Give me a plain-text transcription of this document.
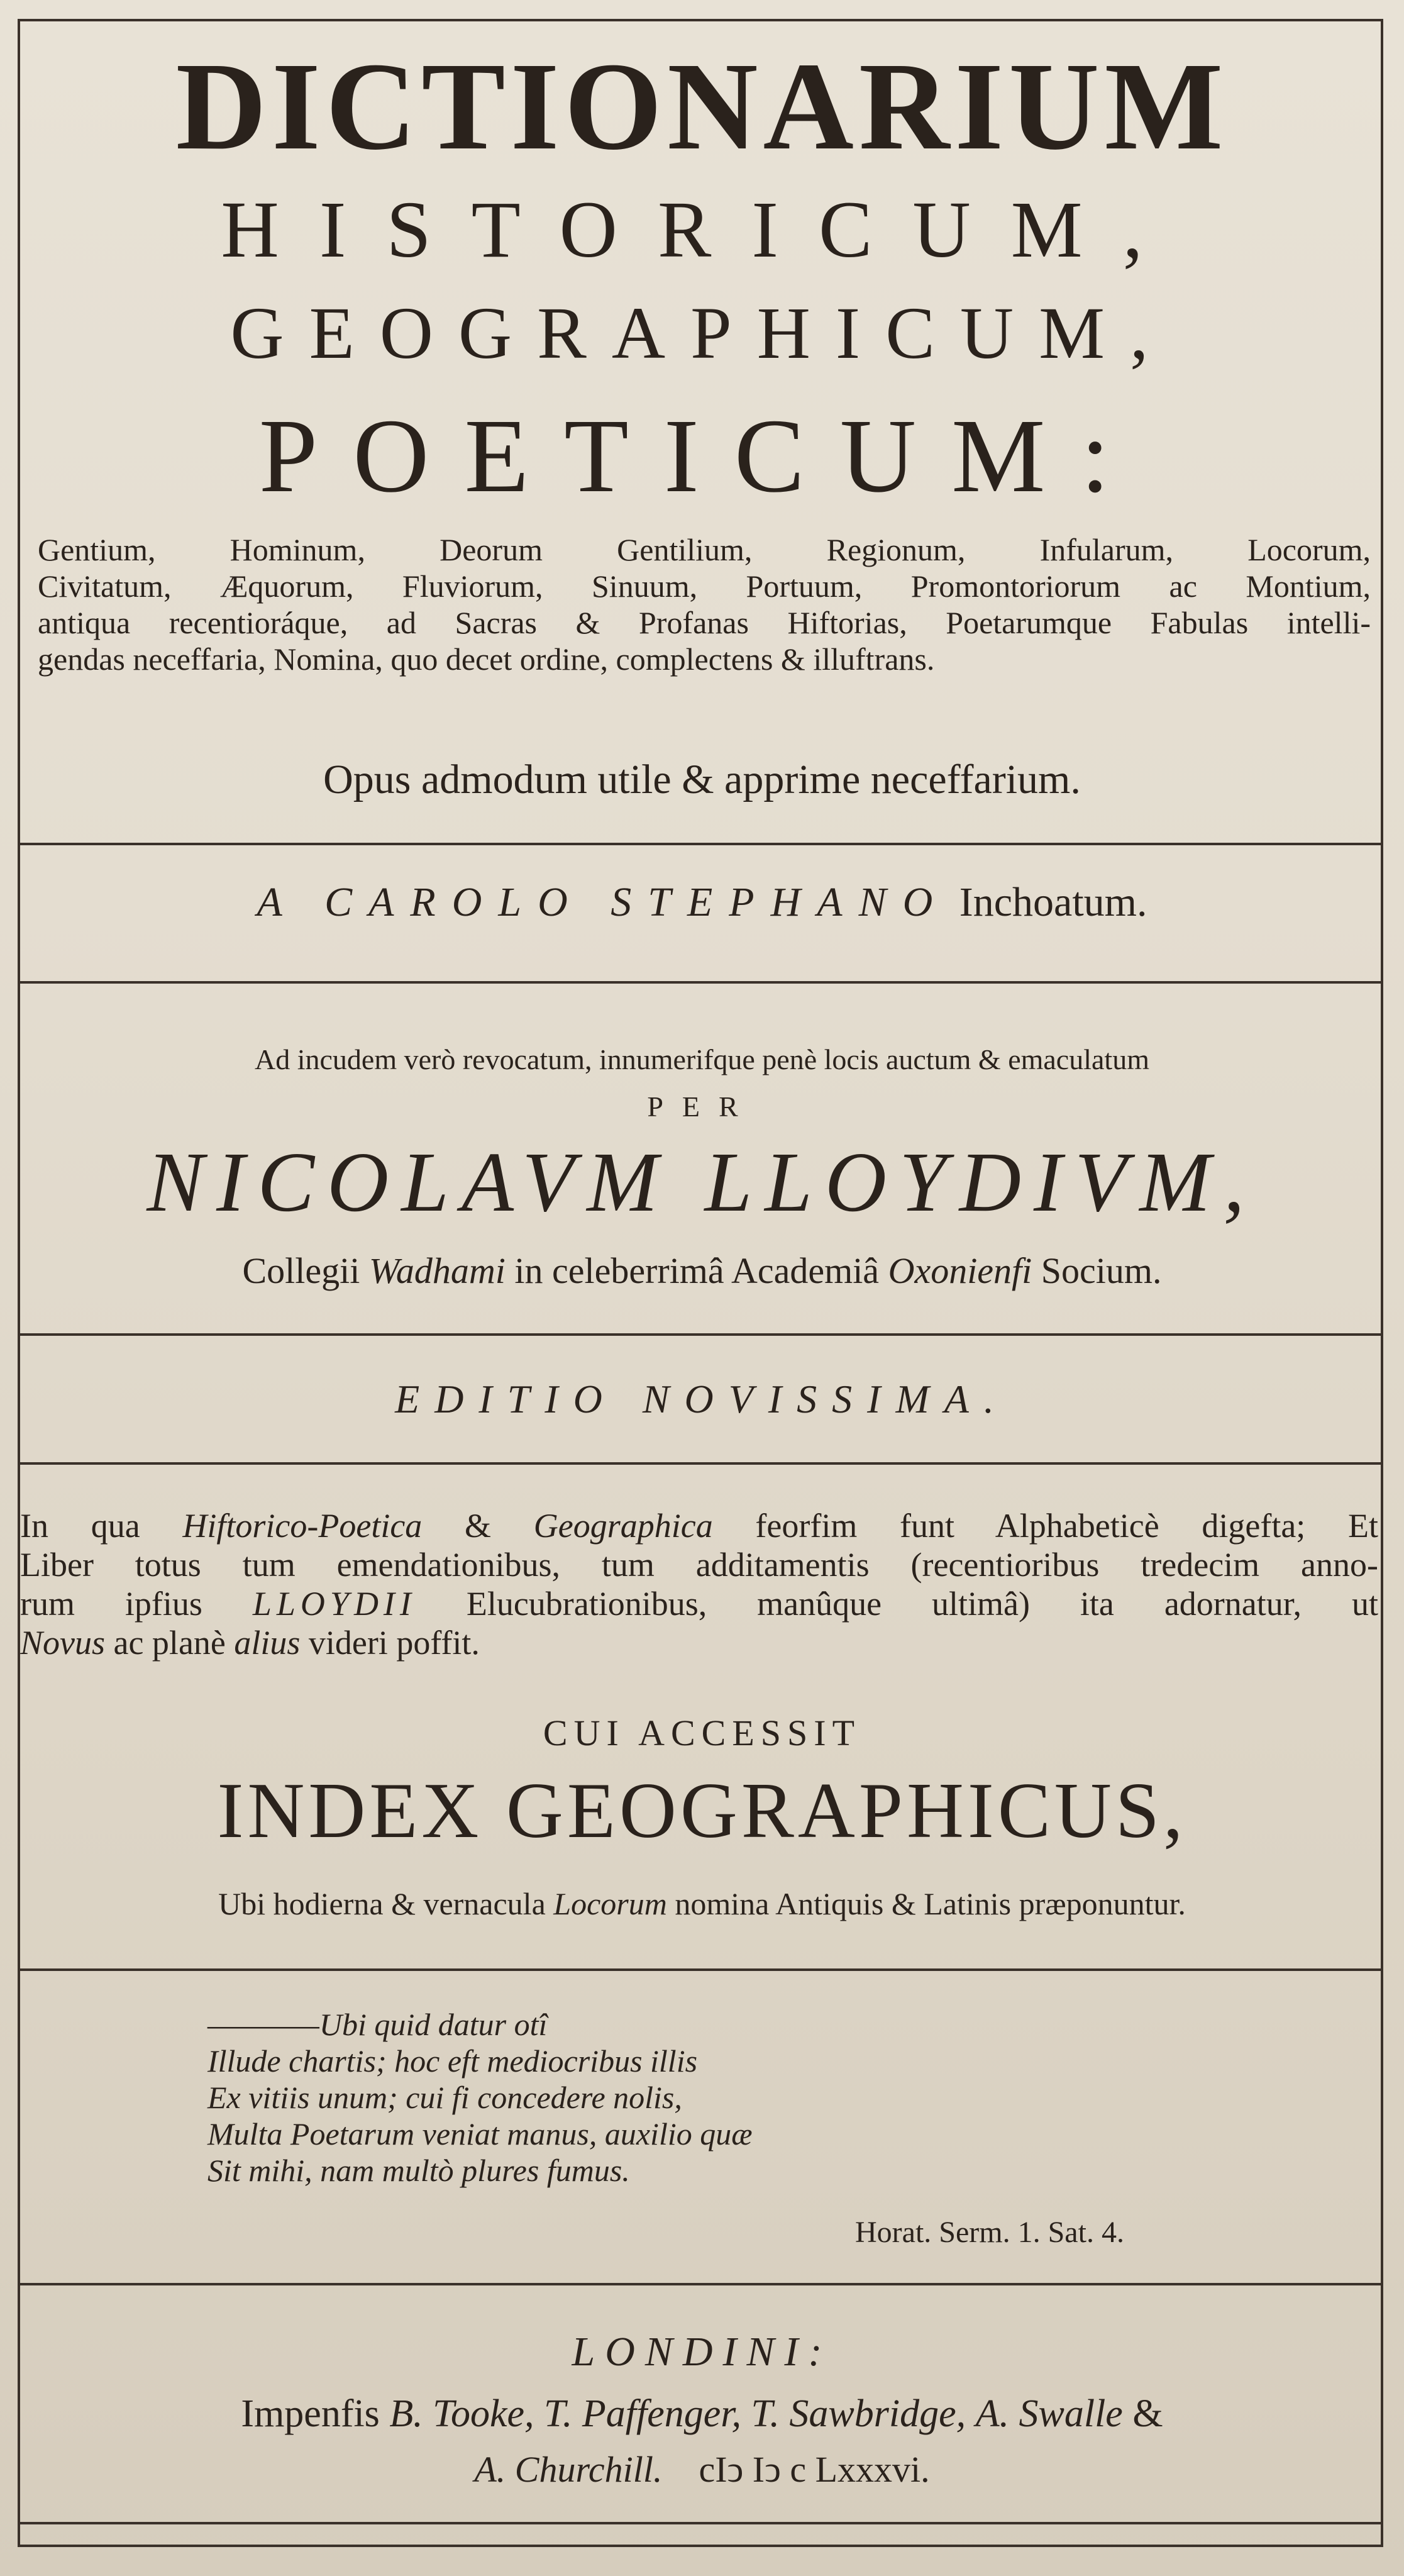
DICTIONARIUM
HISTORICUM,
GEOGRAPHICUM,
POETICUM:
Gentium, Hominum, Deorum Gentilium, Regionum, Infularum, Locorum,
Civitatum, Æquorum, Fluviorum, Sinuum, Portuum, Promontoriorum ac Montium,
antiqua recentioráque, ad Sacras & Profanas Hiftorias, Poetarumque Fabulas intelli-
gendas neceffaria, Nomina, quo decet ordine, complectens & illuftrans.
Opus admodum utile & apprime neceffarium.
A CAROLO STEPHANO Inchoatum.
Ad incudem verò revocatum, innumerifque penè locis auctum & emaculatum
PER
NICOLAVM LLOYDIVM,
Collegii Wadhami in celeberrimâ Academiâ Oxonienfi Socium.
EDITIO NOVISSIMA.
In qua Hiftorico-Poetica & Geographica feorfim funt Alphabeticè digefta; Et
Liber totus tum emendationibus, tum additamentis (recentioribus tredecim anno-
rum ipfius LLOYDII Elucubrationibus, manûque ultimâ) ita adornatur, ut
Novus ac planè alius videri poffit.
CUI ACCESSIT
INDEX GEOGRAPHICUS,
Ubi hodierna & vernacula Locorum nomina Antiquis & Latinis præponuntur.
————Ubi quid datur otî
Illude chartis; hoc eft mediocribus illis
Ex vitiis unum; cui fi concedere nolis,
Multa Poetarum veniat manus, auxilio quæ
Sit mihi, nam multò plures fumus.
Horat. Serm. 1. Sat. 4.
LONDINI:
Impenfis B. Tooke, T. Paffenger, T. Sawbridge, A. Swalle &
A. Churchill. cIↄ Iↄ c Lxxxvi.
